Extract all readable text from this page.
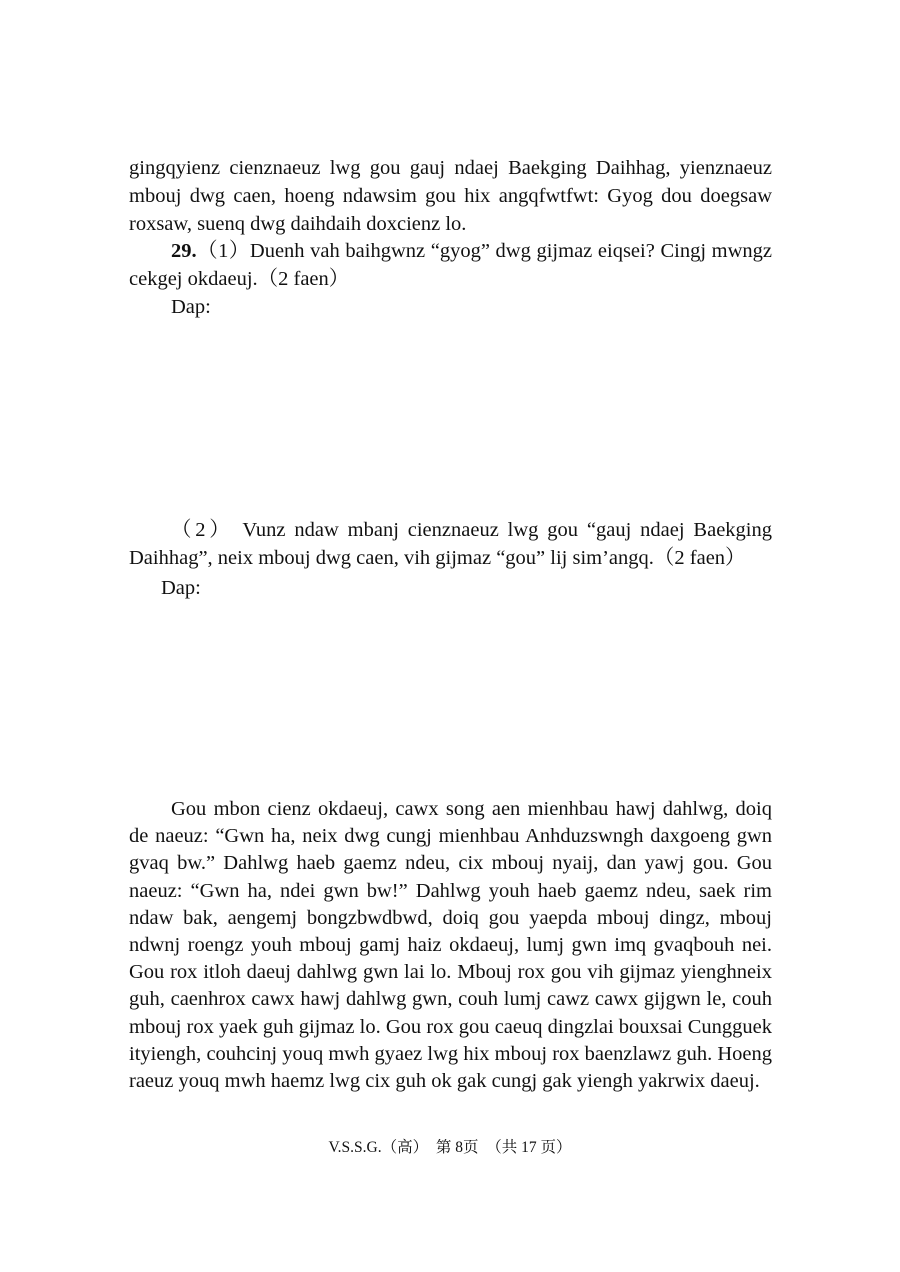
gingqyienz cienznaeuz lwg gou gauj ndaej Baekging Daihhag, yienznaeuz mbouj dwg caen, hoeng ndawsim gou hix angqfwtfwt: Gyog dou doegsaw roxsaw, suenq dwg daihdaih doxcienz lo.
29.（1）Duenh vah baihgwnz “gyog” dwg gijmaz eiqsei? Cingj mwngz cekgej okdaeuj.（2 faen）
Dap:
（2） Vunz ndaw mbanj cienznaeuz lwg gou “gauj ndaej Baekging Daihhag”, neix mbouj dwg caen, vih gijmaz “gou” lij sim’angq.（2 faen）
Dap:
Gou mbon cienz okdaeuj, cawx song aen mienhbau hawj dahlwg, doiq de naeuz: “Gwn ha, neix dwg cungj mienhbau Anhduzswngh daxgoeng gwn gvaq bw.” Dahlwg haeb gaemz ndeu, cix mbouj nyaij, dan yawj gou. Gou naeuz: “Gwn ha, ndei gwn bw!” Dahlwg youh haeb gaemz ndeu, saek rim ndaw bak, aengemj bongzbwdbwd, doiq gou yaepda mbouj dingz, mbouj ndwnj roengz youh mbouj gamj haiz okdaeuj, lumj gwn imq gvaqbouh nei. Gou rox itloh daeuj dahlwg gwn lai lo. Mbouj rox gou vih gijmaz yienghneix guh, caenhrox cawx hawj dahlwg gwn, couh lumj cawz cawx gijgwn le, couh mbouj rox yaek guh gijmaz lo. Gou rox gou caeuq dingzlai bouxsai Cungguek ityiengh, couhcinj youq mwh gyaez lwg hix mbouj rox baenzlawz guh. Hoeng raeuz youq mwh haemz lwg cix guh ok gak cungj gak yiengh yakrwix daeuj.
V.S.S.G.（高）　第 8页　（共 17 页）
